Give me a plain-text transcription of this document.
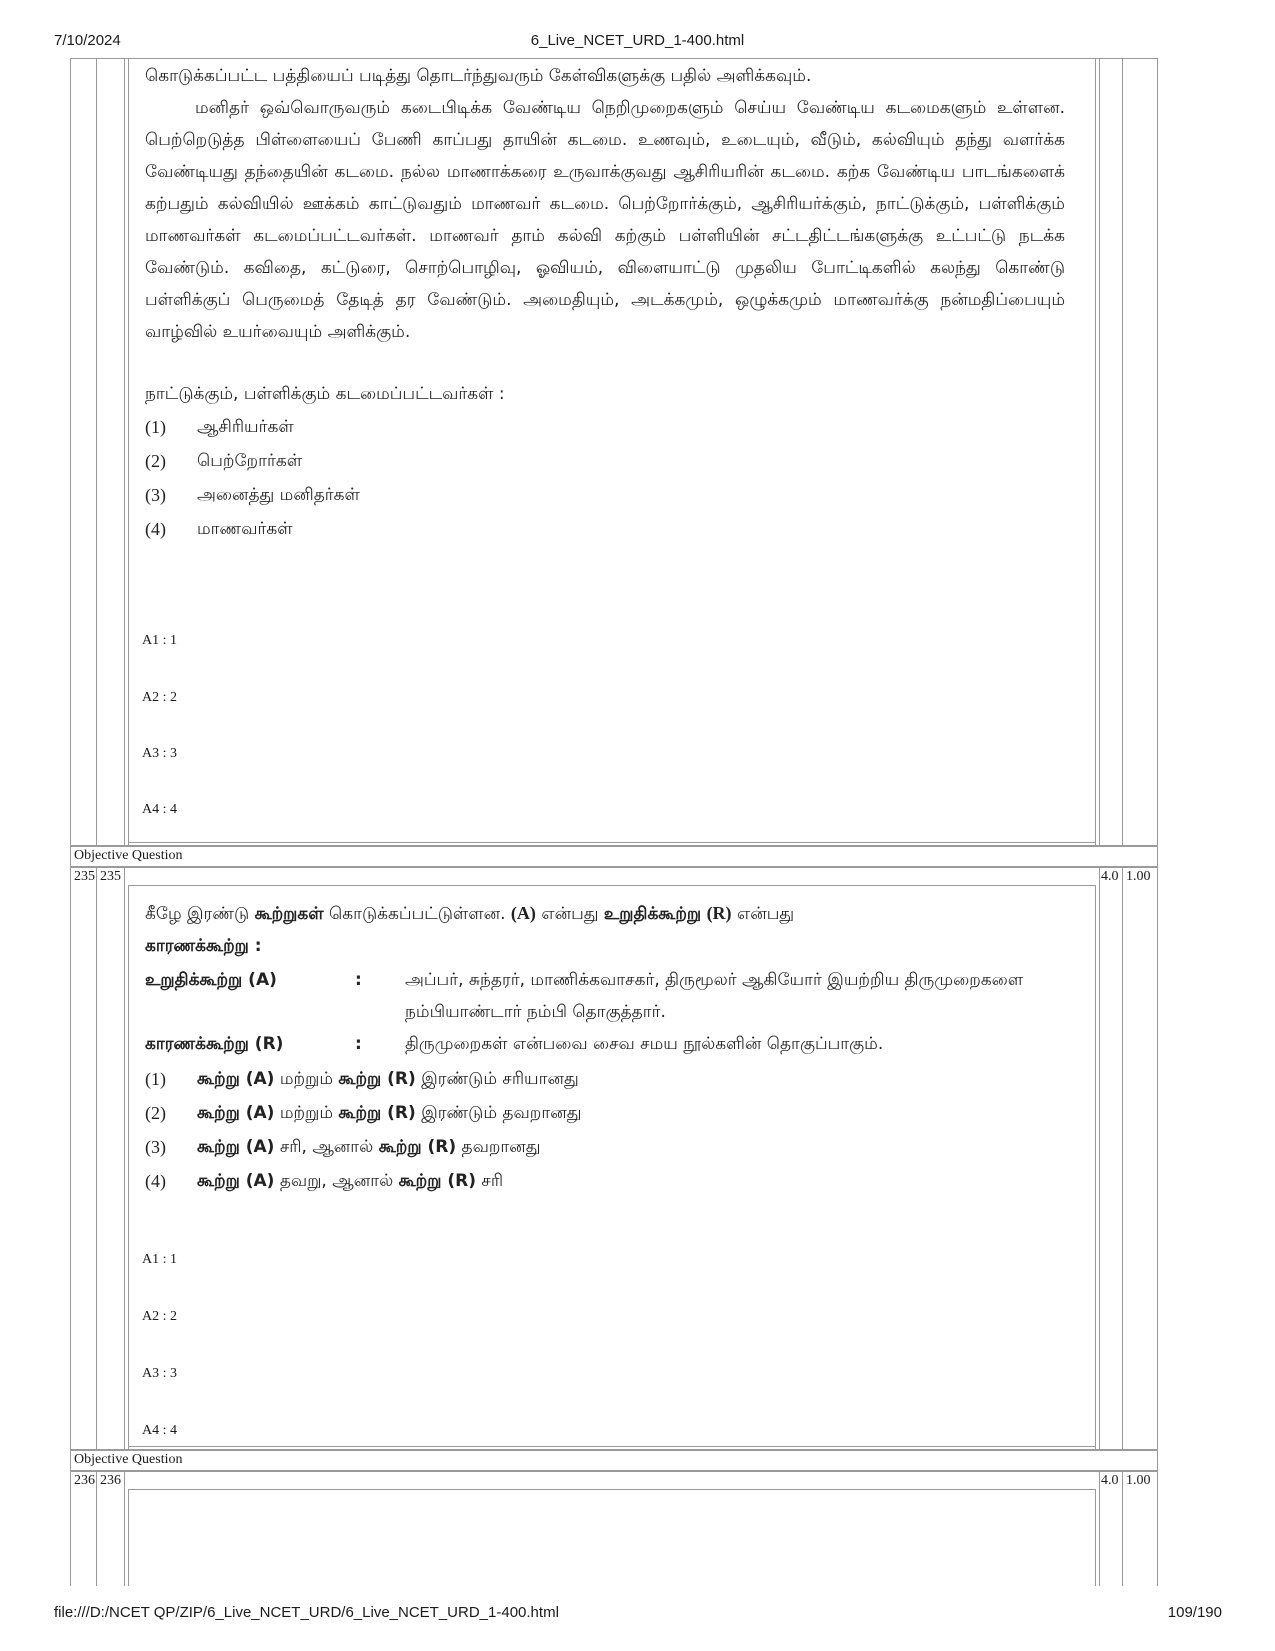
7/10/2024	6_Live_NCET_URD_1-400.html
file:///D:/NCET QP/ZIP/6_Live_NCET_URD/6_Live_NCET_URD_1-400.html	109/190
கொடுக்கப்பட்ட பத்தியைப் படித்து தொடர்ந்துவரும் கேள்விகளுக்கு பதில் அளிக்கவும்.

மனிதர் ஒவ்வொருவரும் கடைபிடிக்க வேண்டிய நெறிமுறைகளும் செய்ய வேண்டிய கடமைகளும் உள்ளன. பெற்றெடுத்த பிள்ளையைப் பேணி காப்பது தாயின் கடமை. உணவும், உடையும், வீடும், கல்வியும் தந்து வளர்க்க வேண்டியது தந்தையின் கடமை. நல்ல மாணாக்கரை உருவாக்குவது ஆசிரியரின் கடமை. கற்க வேண்டிய பாடங்களைக் கற்பதும் கல்வியில் ஊக்கம் காட்டுவதும் மாணவர் கடமை. பெற்றோர்க்கும், ஆசிரியர்க்கும், நாட்டுக்கும், பள்ளிக்கும் மாணவர்கள் கடமைப்பட்டவர்கள். மாணவர் தாம் கல்வி கற்கும் பள்ளியின் சட்டதிட்டங்களுக்கு உட்பட்டு நடக்க வேண்டும். கவிதை, கட்டுரை, சொற்பொழிவு, ஓவியம், விளையாட்டு முதலிய போட்டிகளில் கலந்து கொண்டு பள்ளிக்குப் பெருமைத் தேடித் தர வேண்டும். அமைதியும், அடக்கமும், ஒழுக்கமும் மாணவர்க்கு நன்மதிப்பையும் வாழ்வில் உயர்வையும் அளிக்கும்.

நாட்டுக்கும், பள்ளிக்கும் கடமைப்பட்டவர்கள் :
(1)	ஆசிரியர்கள்
(2)	பெற்றோர்கள்
(3)	அனைத்து மனிதர்கள்
(4)	மாணவர்கள்
A1 : 1
A2 : 2
A3 : 3
A4 : 4
Objective Question
235 235	4.0 1.00
கீழே இரண்டு கூற்றுகள் கொடுக்கப்பட்டுள்ளன. (A) என்பது உறுதிக்கூற்று (R) என்பது
காரணக்கூற்று :
உறுதிக்கூற்று (A)	:	அப்பர், சுந்தரர், மாணிக்கவாசகர், திருமூலர் ஆகியோர் இயற்றிய திருமுறைகளை நம்பியாண்டார் நம்பி தொகுத்தார்.
காரணக்கூற்று (R)	:	திருமுறைகள் என்பவை சைவ சமய நூல்களின் தொகுப்பாகும்.
(1)	கூற்று (A) மற்றும் கூற்று (R) இரண்டும் சரியானது
(2)	கூற்று (A) மற்றும் கூற்று (R) இரண்டும் தவறானது
(3)	கூற்று (A) சரி, ஆனால் கூற்று (R) தவறானது
(4)	கூற்று (A) தவறு, ஆனால் கூற்று (R) சரி
A1 : 1
A2 : 2
A3 : 3
A4 : 4
Objective Question
236 236	4.0 1.00
